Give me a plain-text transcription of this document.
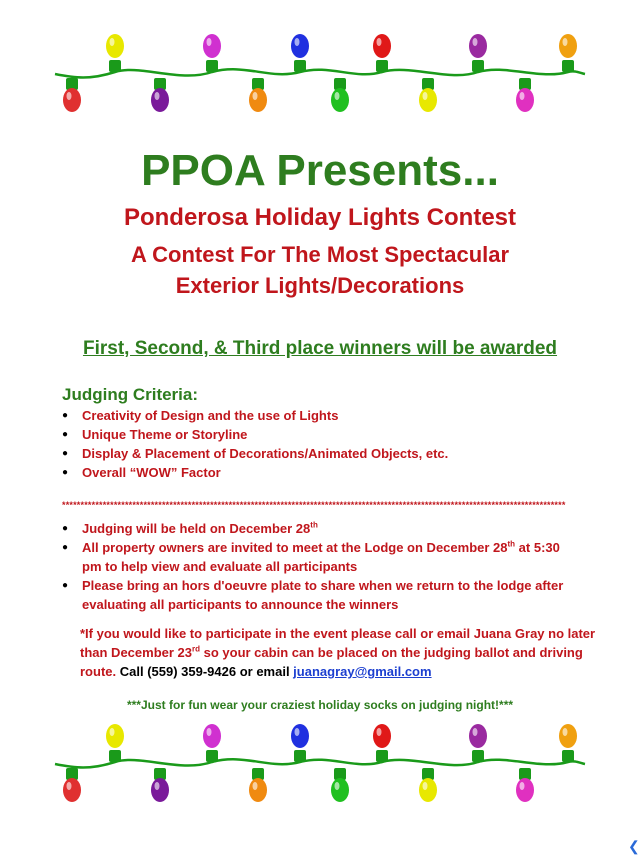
PPOA Presents...
Ponderosa Holiday Lights Contest
A Contest For The Most Spectacular
Exterior Lights/Decorations
First, Second, & Third place winners will be awarded
Judging Criteria:
● Creativity of Design and the use of Lights
● Unique Theme or Storyline
● Display & Placement of Decorations/Animated Objects, etc.
● Overall “WOW” Factor
****************************************************************************************************************************************
● Judging will be held on December 28th
● All property owners are invited to meet at the Lodge on December 28th at 5:30 pm to help view and evaluate all participants
● Please bring an hors d'oeuvre plate to share when we return to the lodge after evaluating all participants to announce the winners
*If you would like to participate in the event please call or email Juana Gray no later than December 23rd so your cabin can be placed on the judging ballot and driving route. Call (559) 359-9426 or email juanagray@gmail.com
***Just for fun wear your craziest holiday socks on judging night!***
❮
